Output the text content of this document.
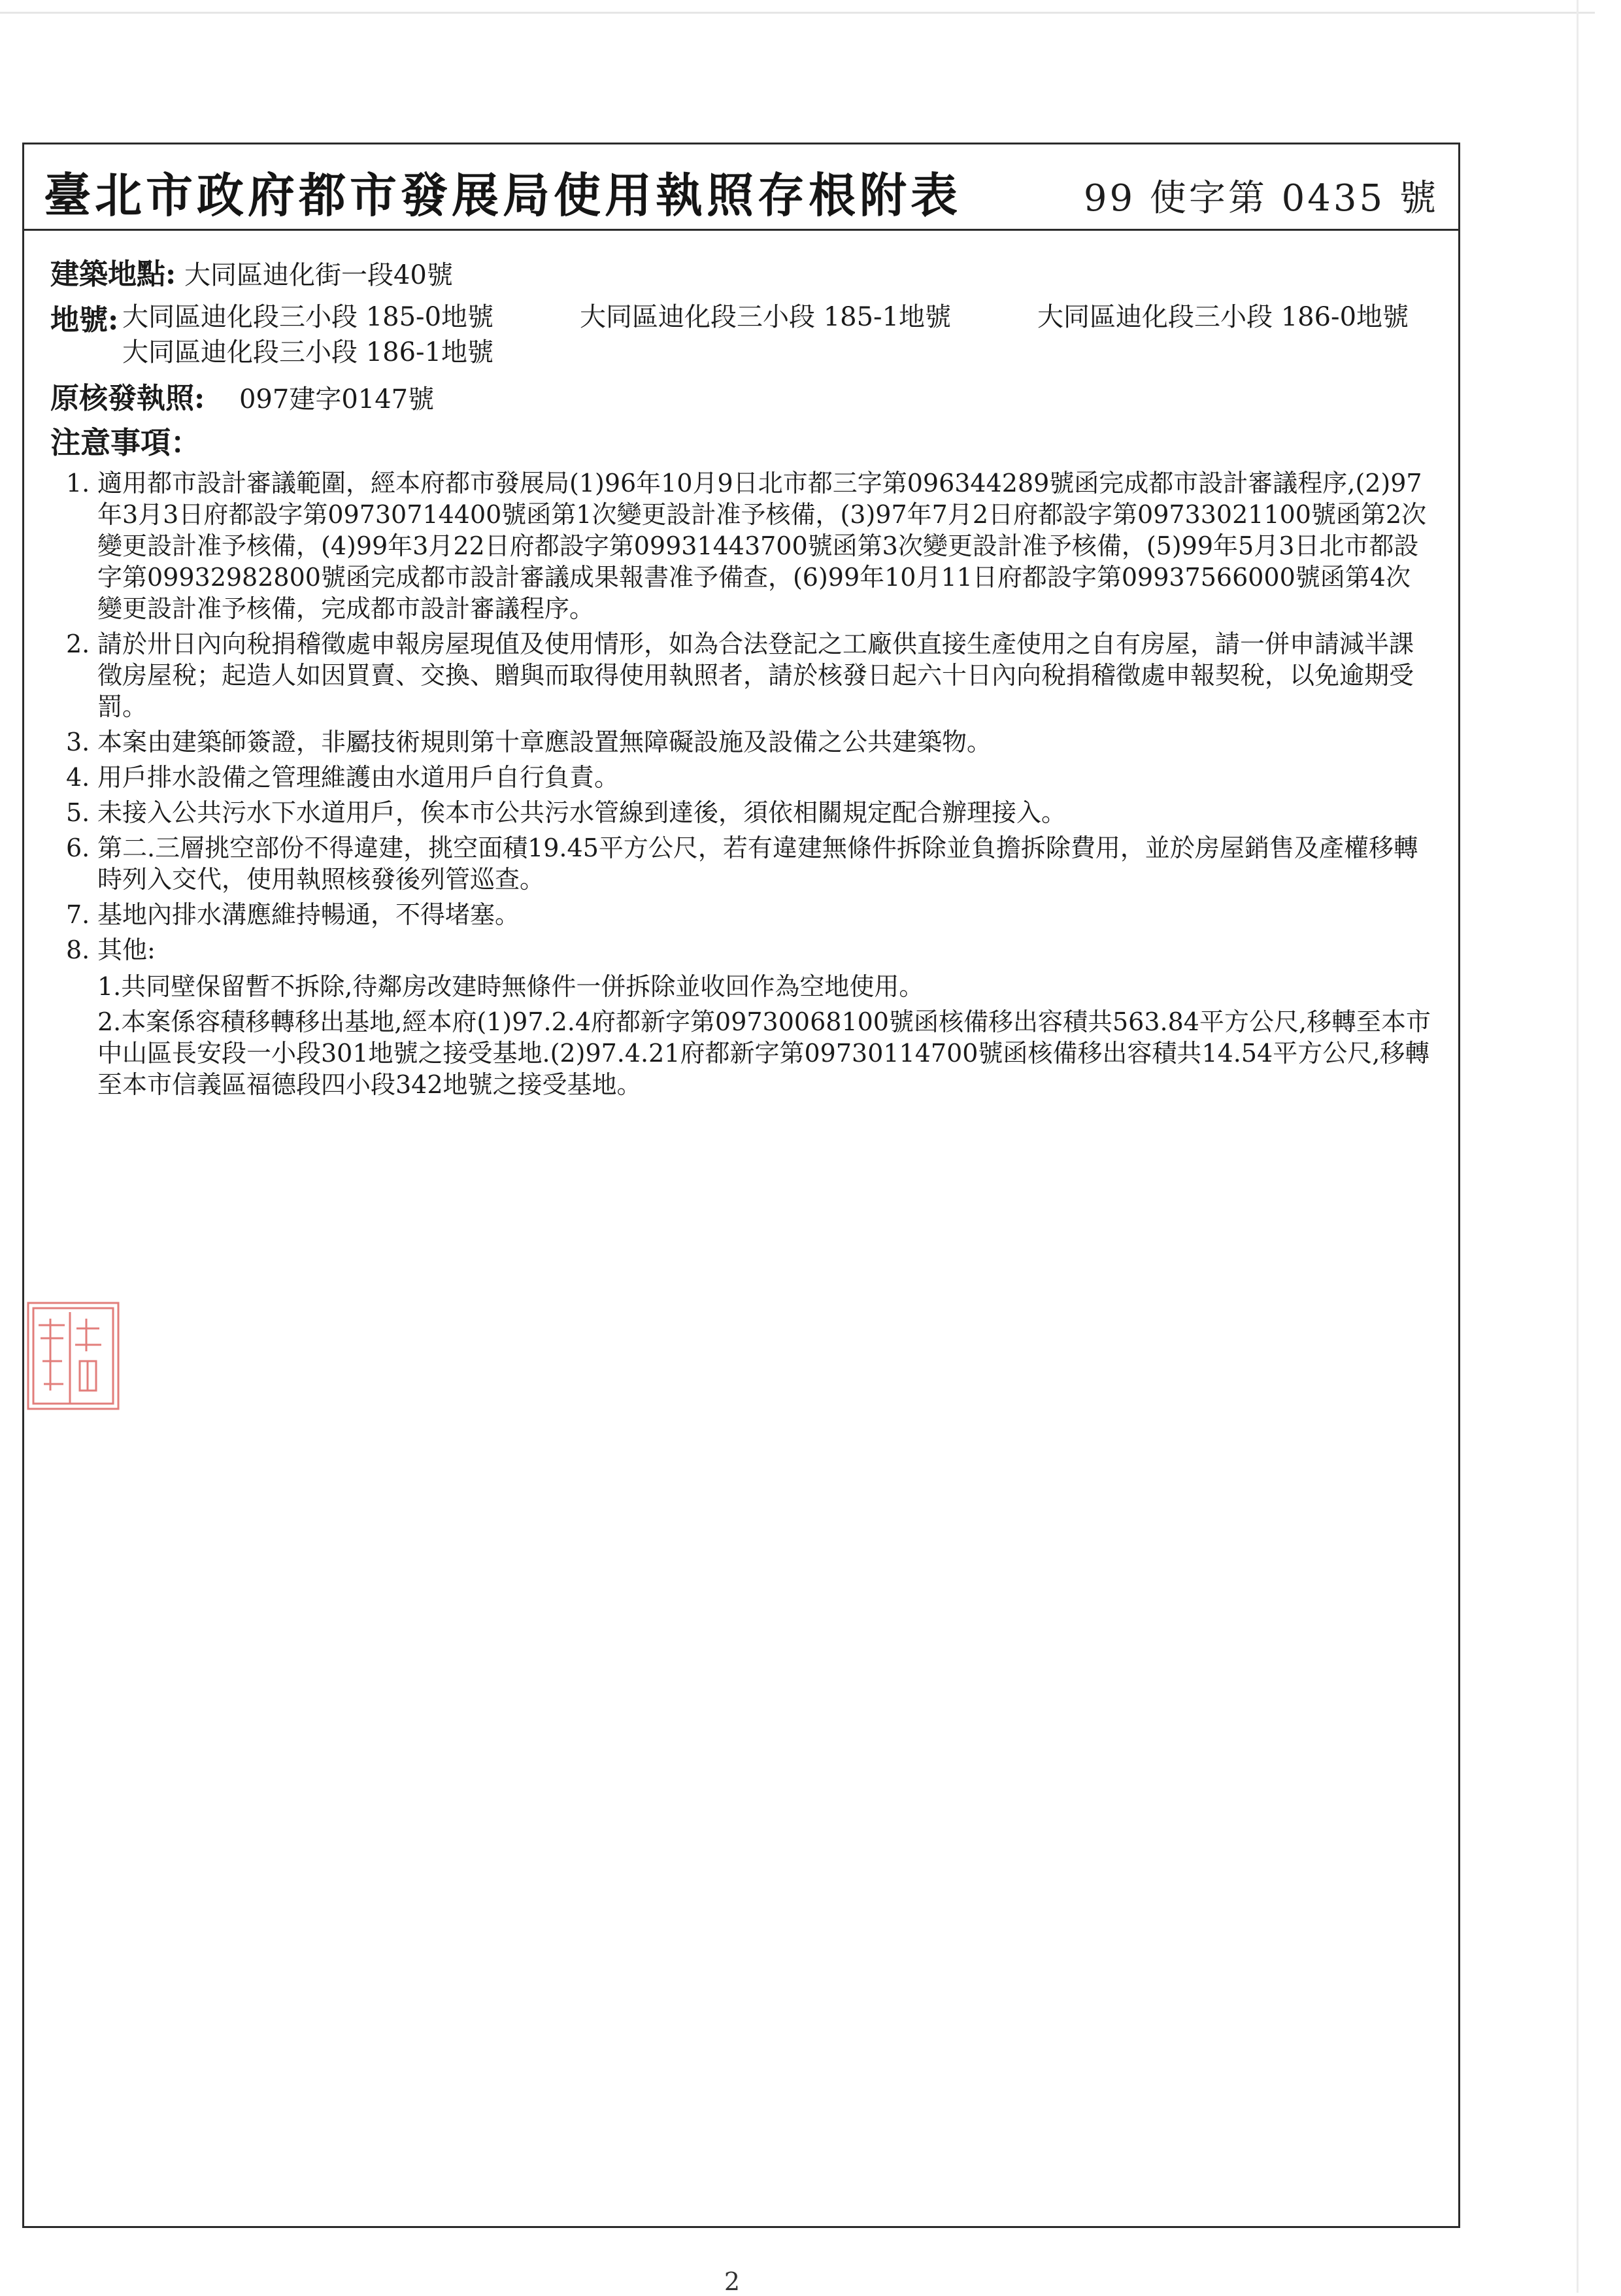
臺北市政府都市發展局使用執照存根附表	99 使字第 0435 號
建築地點: 大同區迪化街一段40號
地號: 大同區迪化段三小段 185-0地號	大同區迪化段三小段 185-1地號	大同區迪化段三小段 186-0地號
大同區迪化段三小段 186-1地號
原核發執照: 097建字0147號
注意事項：
1. 適用都市設計審議範圍，經本府都市發展局(1)96年10月9日北市都三字第096344289號函完成都市設計審議程序,(2)97年3月3日府都設字第09730714400號函第1次變更設計准予核備，(3)97年7月2日府都設字第09733021100號函第2次變更設計准予核備，(4)99年3月22日府都設字第09931443700號函第3次變更設計准予核備，(5)99年5月3日北市都設字第09932982800號函完成都市設計審議成果報書准予備查，(6)99年10月11日府都設字第09937566000號函第4次變更設計准予核備，完成都市設計審議程序。
2. 請於卅日內向稅捐稽徵處申報房屋現值及使用情形，如為合法登記之工廠供直接生產使用之自有房屋，請一併申請減半課徵房屋稅；起造人如因買賣、交換、贈與而取得使用執照者，請於核發日起六十日內向稅捐稽徵處申報契稅，以免逾期受罰。
3. 本案由建築師簽證，非屬技術規則第十章應設置無障礙設施及設備之公共建築物。
4. 用戶排水設備之管理維護由水道用戶自行負責。
5. 未接入公共污水下水道用戶，俟本市公共污水管線到達後，須依相關規定配合辦理接入。
6. 第二.三層挑空部份不得違建，挑空面積19.45平方公尺，若有違建無條件拆除並負擔拆除費用，並於房屋銷售及產權移轉時列入交代，使用執照核發後列管巡查。
7. 基地內排水溝應維持暢通，不得堵塞。
8. 其他:
1.共同壁保留暫不拆除,待鄰房改建時無條件一併拆除並收回作為空地使用。
2.本案係容積移轉移出基地,經本府(1)97.2.4府都新字第09730068100號函核備移出容積共563.84平方公尺,移轉至本市中山區長安段一小段301地號之接受基地.(2)97.4.21府都新字第09730114700號函核備移出容積共14.54平方公尺,移轉至本市信義區福德段四小段342地號之接受基地。
2
